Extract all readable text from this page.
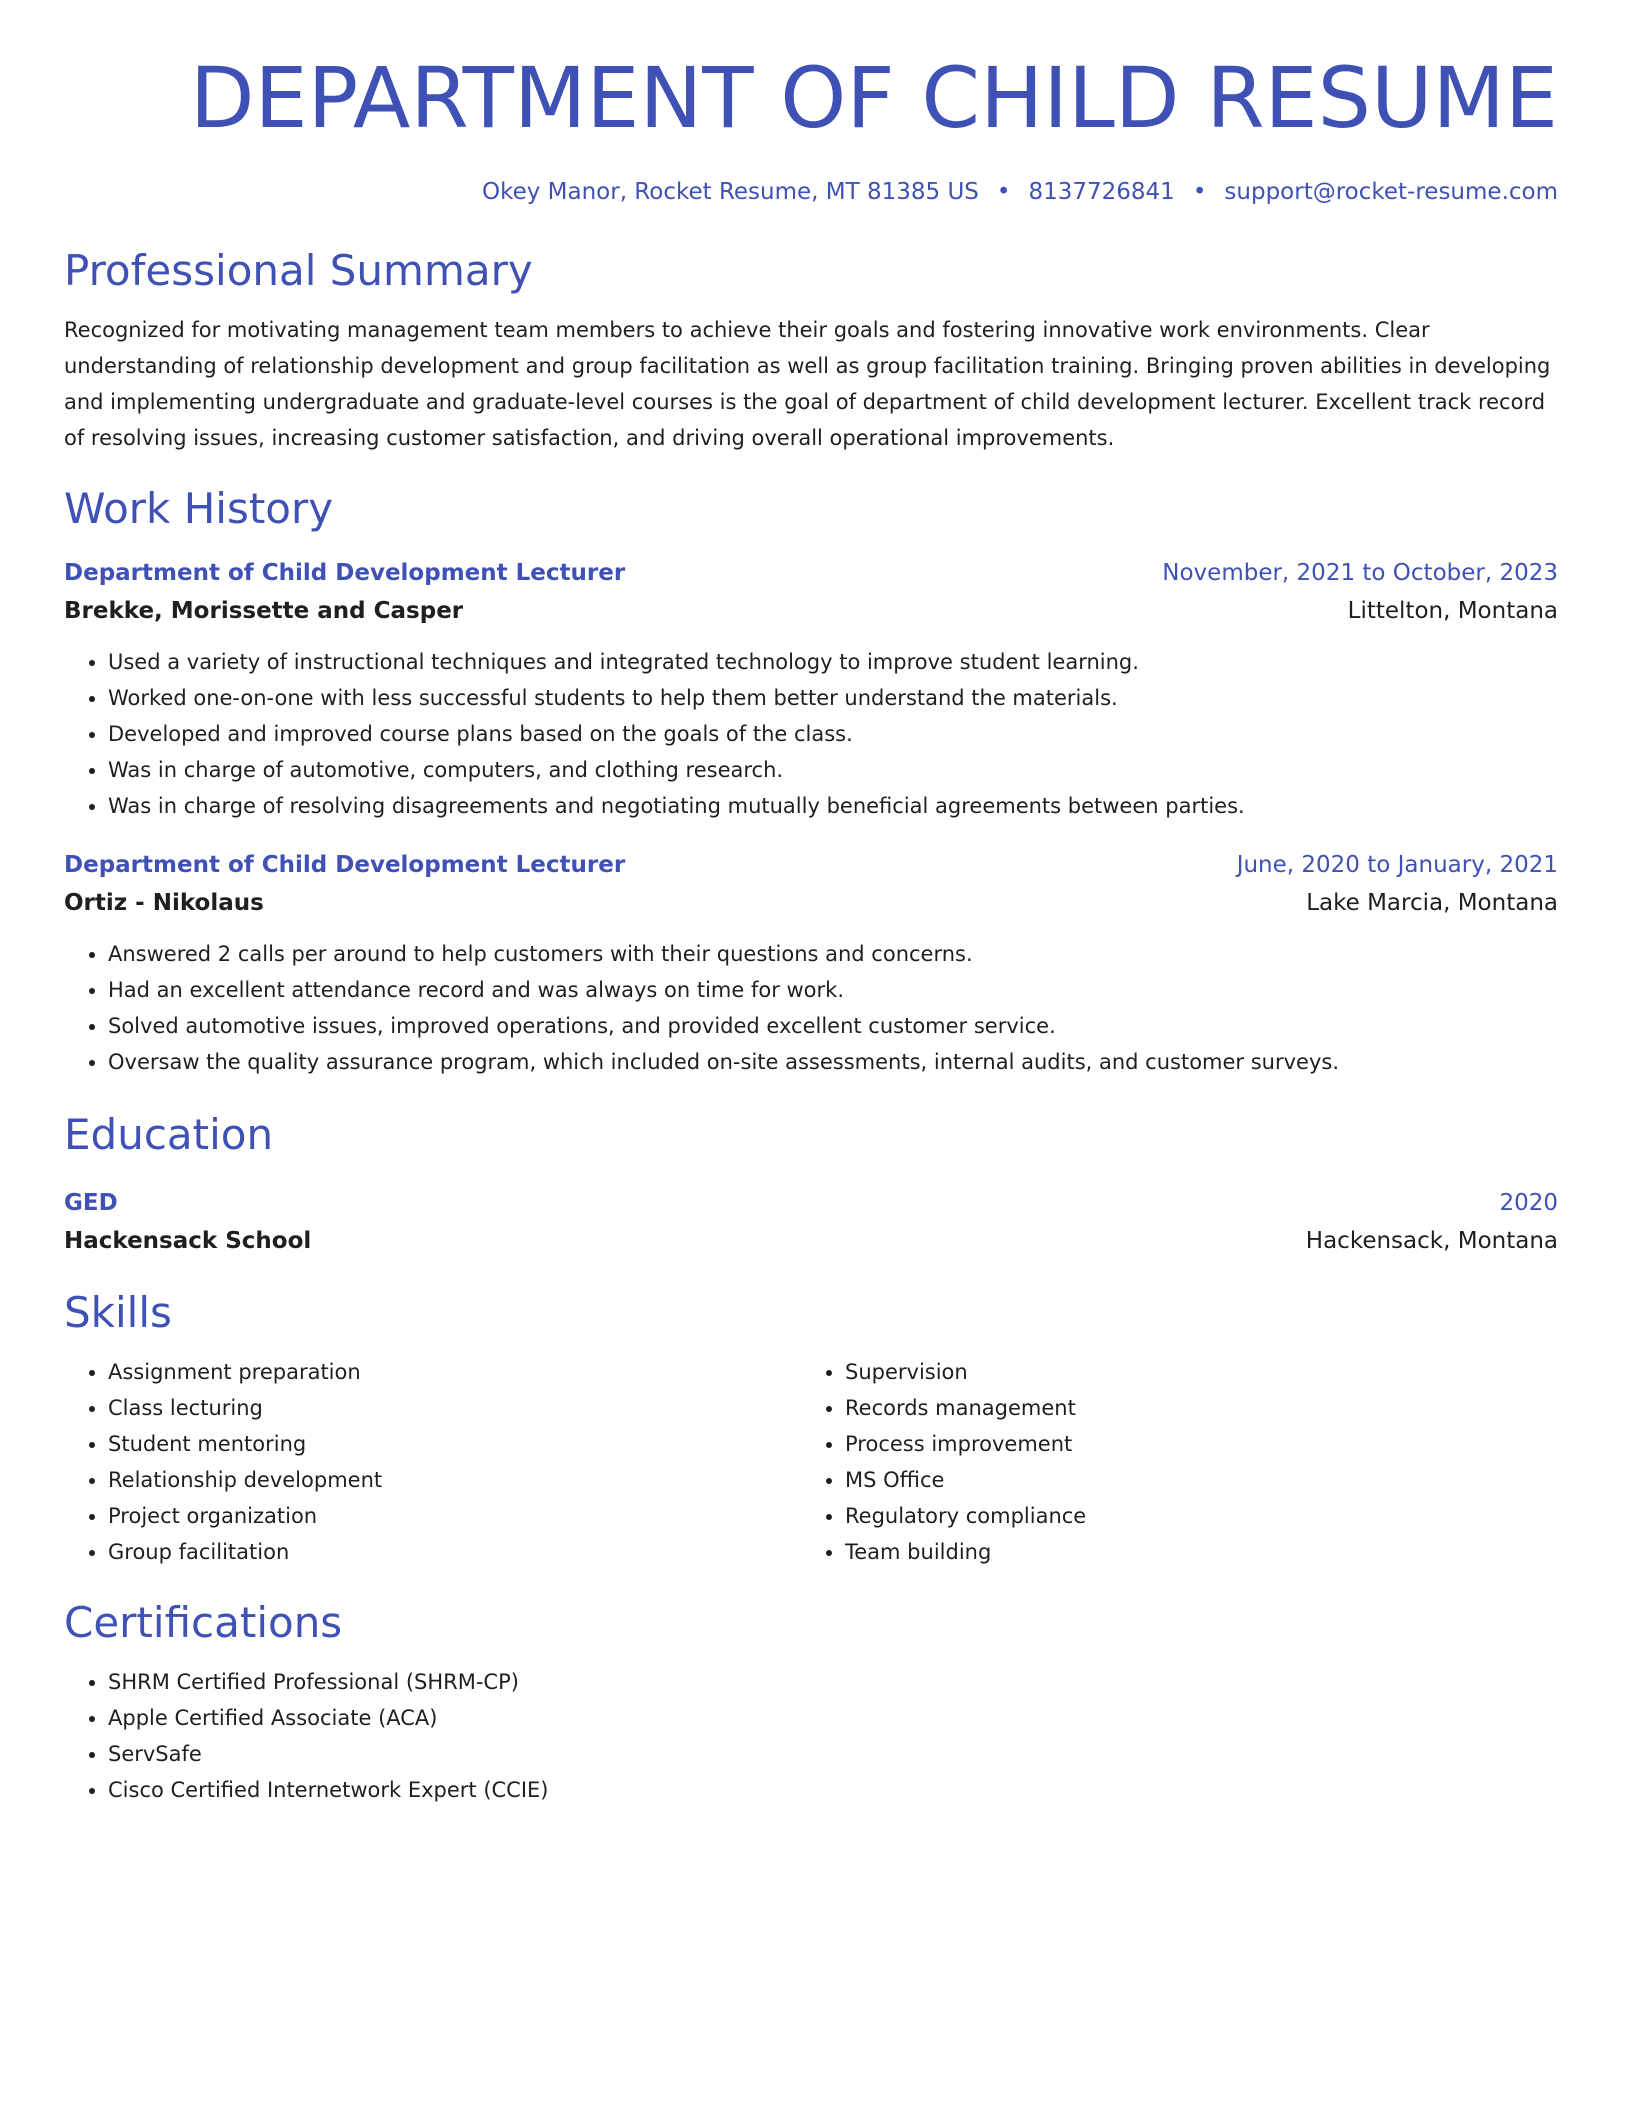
DEPARTMENT OF CHILD RESUME
Okey Manor, Rocket Resume, MT 81385 US • 8137726841 • support@rocket-resume.com
Professional Summary
Recognized for motivating management team members to achieve their goals and fostering innovative work environments. Clear understanding of relationship development and group facilitation as well as group facilitation training. Bringing proven abilities in developing and implementing undergraduate and graduate-level courses is the goal of department of child development lecturer. Excellent track record of resolving issues, increasing customer satisfaction, and driving overall operational improvements.
Work History
Department of Child Development Lecturer	November, 2021 to October, 2023
Brekke, Morissette and Casper	Littelton, Montana
• Used a variety of instructional techniques and integrated technology to improve student learning.
• Worked one-on-one with less successful students to help them better understand the materials.
• Developed and improved course plans based on the goals of the class.
• Was in charge of automotive, computers, and clothing research.
• Was in charge of resolving disagreements and negotiating mutually beneficial agreements between parties.
Department of Child Development Lecturer	June, 2020 to January, 2021
Ortiz - Nikolaus	Lake Marcia, Montana
• Answered 2 calls per around to help customers with their questions and concerns.
• Had an excellent attendance record and was always on time for work.
• Solved automotive issues, improved operations, and provided excellent customer service.
• Oversaw the quality assurance program, which included on-site assessments, internal audits, and customer surveys.
Education
GED	2020
Hackensack School	Hackensack, Montana
Skills
• Assignment preparation
• Class lecturing
• Student mentoring
• Relationship development
• Project organization
• Group facilitation
• Supervision
• Records management
• Process improvement
• MS Office
• Regulatory compliance
• Team building
Certifications
• SHRM Certified Professional (SHRM-CP)
• Apple Certified Associate (ACA)
• ServSafe
• Cisco Certified Internetwork Expert (CCIE)
